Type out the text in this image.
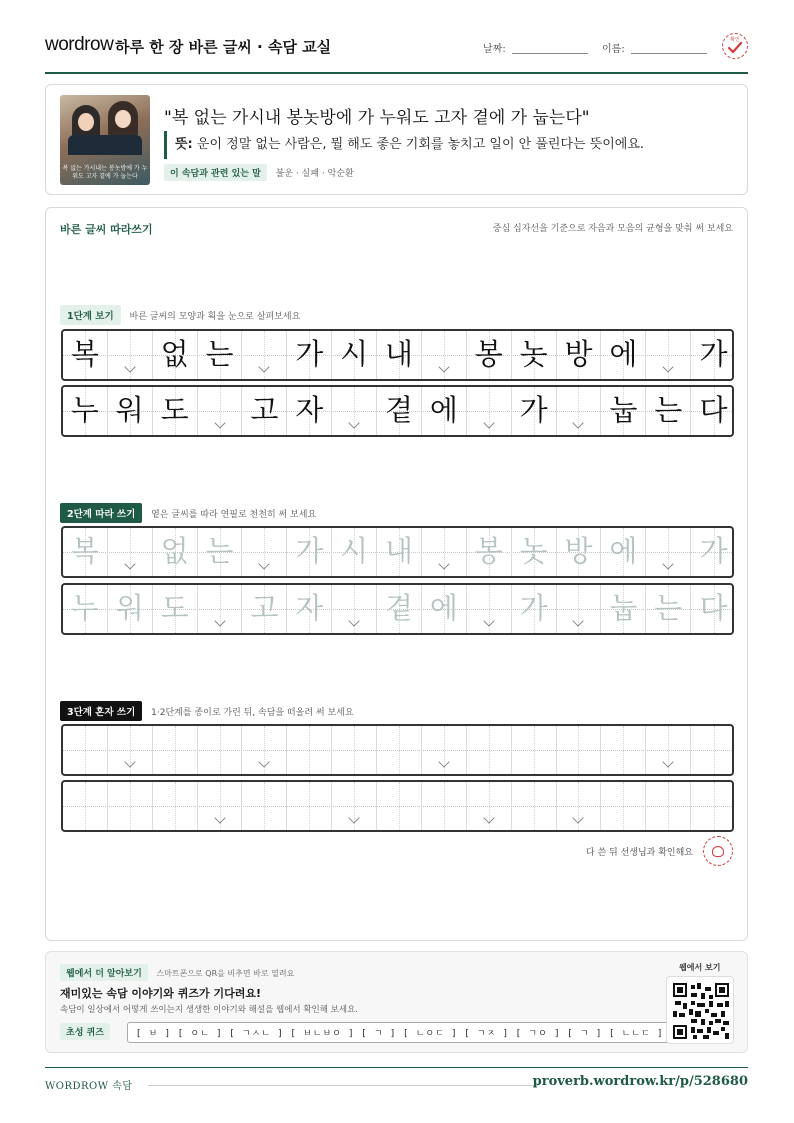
wordrow 하루 한 장 바른 글씨 · 속담 교실	날짜:	이름:
확인
복 없는 가시내는 봉놋방에 가 누워도 고자 곁에 가 눕는다
"복 없는 가시내 봉놋방에 가 누워도 고자 곁에 가 눕는다"
뜻: 운이 정말 없는 사람은, 뭘 해도 좋은 기회를 놓치고 일이 안 풀린다는 뜻이에요.
이 속담과 관련 있는 말 불운 · 실패 · 악순환
바른 글씨 따라쓰기	중심 십자선을 기준으로 자음과 모음의 균형을 맞춰 써 보세요
1단계 보기 바른 글씨의 모양과 획을 눈으로 살펴보세요
복 없 는 가 시 내 봉 놋 방 에 가
누 워 도 고 자 곁 에 가 눕 는 다
2단계 따라 쓰기 옅은 글씨를 따라 연필로 천천히 써 보세요
복 없 는 가 시 내 봉 놋 방 에 가
누 워 도 고 자 곁 에 가 눕 는 다
3단계 혼자 쓰기 1·2단계를 종이로 가린 뒤, 속담을 떠올려 써 보세요
다 쓴 뒤 선생님과 확인해요
웹에서 더 알아보기 스마트폰으로 QR을 비추면 바로 열려요
재미있는 속담 이야기와 퀴즈가 기다려요!
속담이 일상에서 어떻게 쓰이는지 생생한 이야기와 해설을 웹에서 확인해 보세요.
초성 퀴즈	[ ㅂ ] [ ㅇㄴ ] [ ㄱㅅㄴ ] [ ㅂㄴㅂㅇ ] [ ㄱ ] [ ㄴㅇㄷ ] [ ㄱㅈ ] [ ㄱㅇ ] [ ㄱ ] [ ㄴㄴㄷ ]
웹에서 보기
WORDROW 속담	proverb.wordrow.kr/p/528680
